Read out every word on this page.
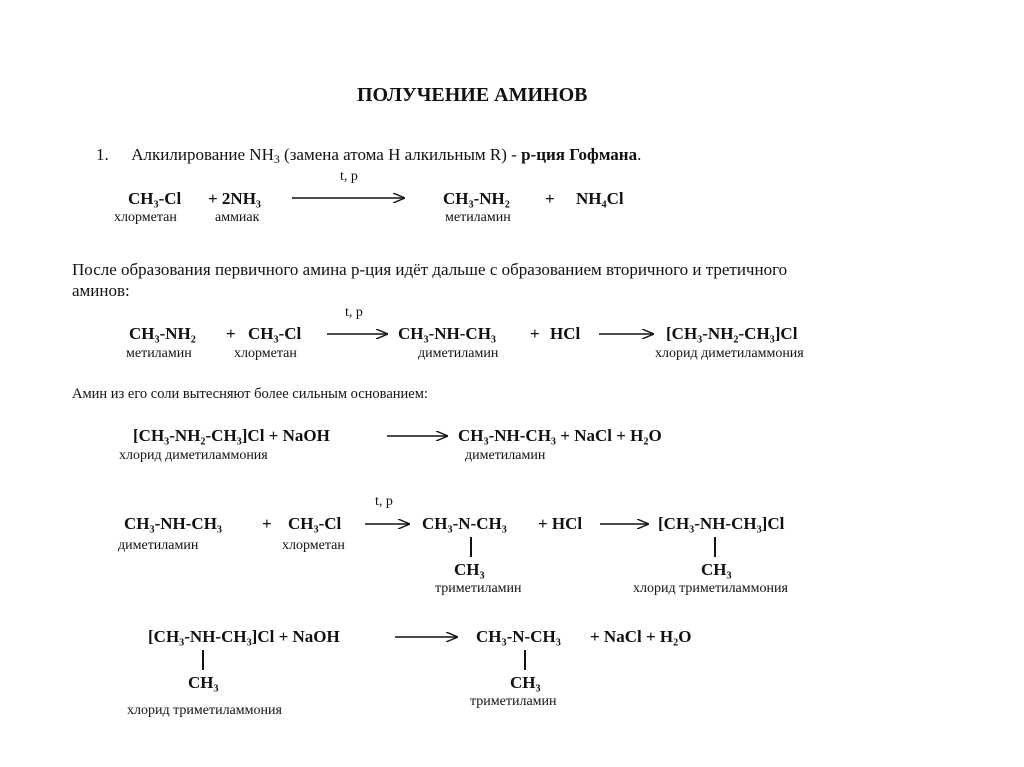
ПОЛУЧЕНИЕ АМИНОВ
1. Алкилирование $NH_3$ (замена атома H алкильным R) - р-ция Гофмана.
t, p
CH₃-Cl + 2NH₃	CH₃-NH₂ + NH₄Cl
хлорметан	аммиак	метиламин
После образования первичного амина р-ция идёт дальше с образованием вторичного и третичного
аминов:
t, p
CH₃-NH₂ + CH₃-Cl	CH₃-NH-CH₃ + HCl	[CH₃-NH₂-CH₃]Cl
метиламин	хлорметан	диметиламин	хлорид диметиламмония
Амин из его соли вытесняют более сильным основанием:
[CH₃-NH₂-CH₃]Cl + NaOH	CH₃-NH-CH₃ + NaCl + H₂O
хлорид диметиламмония	диметиламин
t, p
CH₃-NH-CH₃ + CH₃-Cl	CH₃-N-CH₃ + HCl	[CH₃-NH-CH₃]Cl
диметиламин	хлорметан
CH₃	CH₃
триметиламин	хлорид триметиламмония
[CH₃-NH-CH₃]Cl + NaOH	CH₃-N-CH₃ + NaCl + H₂O
CH₃	CH₃
триметиламин
хлорид триметиламмония
